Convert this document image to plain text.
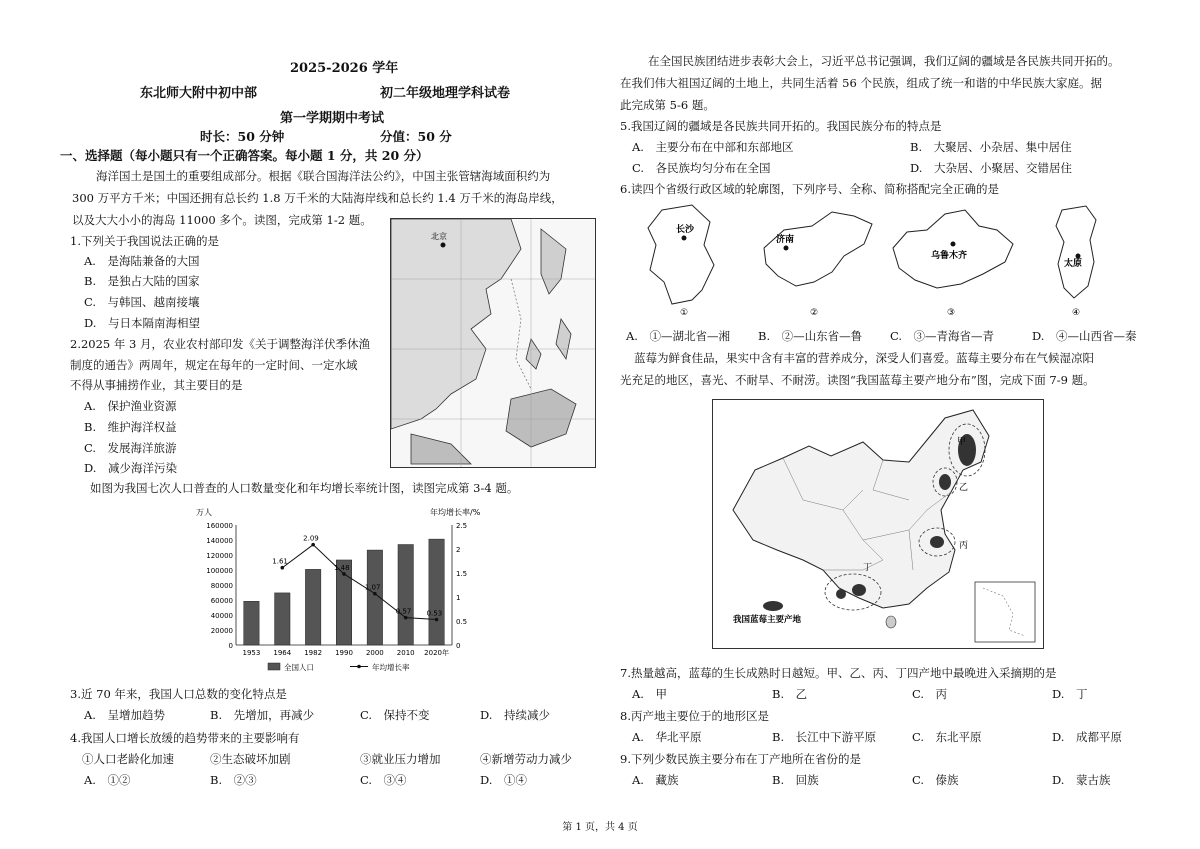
2025-2026 学年
东北师大附中初中部	初二年级地理学科试卷
第一学期期中考试
时长：50 分钟	分值：50 分
一、选择题（每小题只有一个正确答案。每小题 1 分，共 20 分）
海洋国土是国土的重要组成部分。根据《联合国海洋法公约》，中国主张管辖海域面积约为
300 万平方千米；中国还拥有总长约 1.8 万千米的大陆海岸线和总长约 1.4 万千米的海岛岸线，
以及大大小小的海岛 11000 多个。读图，完成第 1-2 题。
1.下列关于我国说法正确的是
A.　是海陆兼备的大国
B.　是独占大陆的国家
C.　与韩国、越南接壤
D.　与日本隔南海相望
2.2025 年 3 月，农业农村部印发《关于调整海洋伏季休渔
制度的通告》两周年，规定在每年的一定时间、一定水域
不得从事捕捞作业，其主要目的是
A.　保护渔业资源
B.　维护海洋权益
C.　发展海洋旅游
D.　减少海洋污染
北京
如图为我国七次人口普查的人口数量变化和年均增长率统计图，读图完成第 3-4 题。
万人	年均增长率/%
160000
140000
120000
100000
80000
60000
40000
20000
0
2.5
2
1.5
1
0.5
0
1953 1964 1982 1990 2000 2010 2020年
1.61
2.09
1.48
1.07
0.57 0.53
全国人口	年均增长率
3.近 70 年来，我国人口总数的变化特点是
A.　呈增加趋势	B.　先增加，再减少	C.　保持不变	D.　持续减少
4.我国人口增长放缓的趋势带来的主要影响有
①人口老龄化加速	②生态破坏加剧	③就业压力增加	④新增劳动力减少
A.　①②	B.　②③	C.　③④	D.　①④
在全国民族团结进步表彰大会上，习近平总书记强调，我们辽阔的疆域是各民族共同开拓的。
在我们伟大祖国辽阔的土地上，共同生活着 56 个民族，组成了统一和谐的中华民族大家庭。据
此完成第 5-6 题。
5.我国辽阔的疆域是各民族共同开拓的。我国民族分布的特点是
A.　主要分布在中部和东部地区	B.　大聚居、小杂居、集中居住
C.　各民族均匀分布在全国	D.　大杂居、小聚居、交错居住
6.读四个省级行政区域的轮廓图，下列序号、全称、简称搭配完全正确的是
长沙
①
济南
②
乌鲁木齐
③
太原
④
A.　①—湖北省—湘 B.　②—山东省—鲁 C.　③—青海省—青	D.　④—山西省—秦
蓝莓为鲜食佳品，果实中含有丰富的营养成分，深受人们喜爱。蓝莓主要分布在气候湿凉阳
光充足的地区，喜光、不耐旱、不耐涝。读图“我国蓝莓主要产地分布”图，完成下面 7-9 题。
甲
乙
丙
丁
我国蓝莓主要产地
7.热量越高，蓝莓的生长成熟时日越短。甲、乙、丙、丁四产地中最晚进入采摘期的是
A.　甲	B.　乙	C.　丙	D.　丁
8.丙产地主要位于的地形区是
A.　华北平原	B.　长江中下游平原	C.　东北平原	D.　成都平原
9.下列少数民族主要分布在丁产地所在省份的是
A.　藏族	B.　回族	C.　傣族	D.　蒙古族
第 1 页，共 4 页
